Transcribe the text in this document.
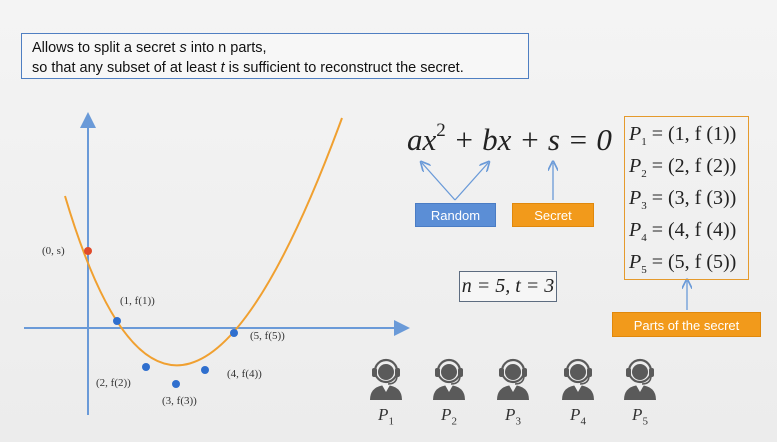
Allows to split a secret s into n parts,
so that any subset of at least t is sufficient to reconstruct the secret.
(0, s)
(1, f(1))
(2, f(2))
(3, f(3))
(4, f(4))
(5, f(5))
$ax^2$ + bx + s = 0
Random	Secret
Parts of the secret
n = 5, t = 3
$P_1 = (1$, f (1))
$P_2 = (2$, f (2))
$P_3 = (3$, f (3))
$P_4 = (4$, f (4))
$P_5 = (5$, f (5))
$P_1$	$P_2$	$P_3$	$P_4$	$P_5$
